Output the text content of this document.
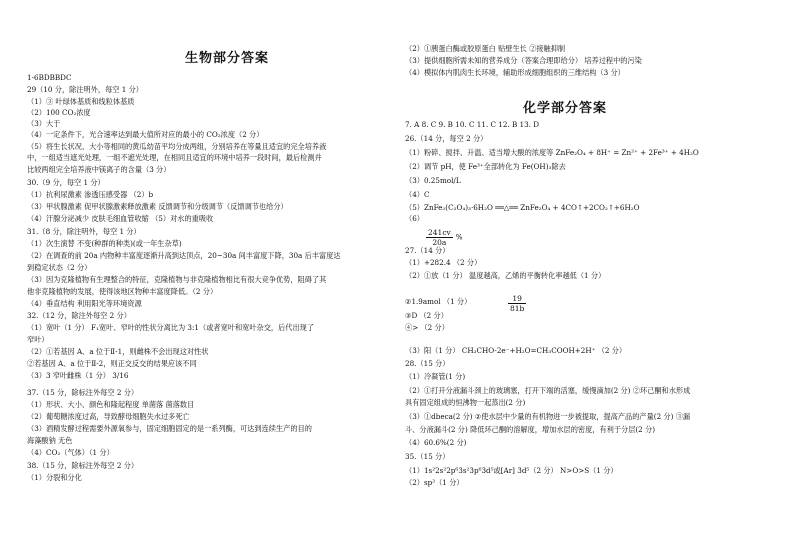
生物部分答案
1-6BDBBDC
29（10 分，除注明外，每空 1 分）
（1）③ 叶绿体基质和线粒体基质
（2）100 CO₂浓度
（3）大于
（4）一定条件下，光合速率达到最大值所对应的最小的 CO₂浓度（2 分）
（5）将生长状况、大小等相同的黄瓜幼苗平均分成两组，分别培养在等量且适宜的完全培养液
中，一组适当遮光处理，一组不遮光处理，在相同且适宜的环境中培养一段时间，最后检测并
比较两组完全培养液中镁离子的含量（3 分）
30.（9 分，每空 1 分）
（1）抗利尿激素 渗透压感受器 （2）b
（3）甲状腺激素 促甲状腺激素释放激素 反馈调节和分级调节（反馈调节也给分）
（4）汗腺分泌减少 皮肤毛细血管收缩 （5）对水的重吸收
31.（8 分，除注明外，每空 1 分）
（1）次生演替 不变(种群的种类)(或一年生杂草)
（2）在调查的前 20a 内物种丰富度逐渐升高到达顶点，20~30a 间丰富度下降，30a 后丰富度达
到稳定状态（2 分）
（3）因为克隆植物有生理整合的特征，克隆植物与非克隆植物相比有很大竞争优势，阻碍了其
他非克隆植物的发展，使得该地区物种丰富度降低。（2 分）
（4）垂直结构 利用阳光等环境资源
32.（12 分，除注外每空 2 分）
（1）宽叶（1 分） F₁宽叶、窄叶的性状分离比为 3:1（或者宽叶和宽叶杂交，后代出现了
窄叶）
（2）①若基因 A、a 位于Ⅱ-1，则雌株不会出现这对性状
②若基因 A、a 位于Ⅱ-2，则正交反交的结果应该不同
（3）3 窄叶雌株（1 分） 3/16
37.（15 分，除标注外每空 2 分）
（1）形状、大小、颜色和隆起程度 单菌落 菌落数目
（2）葡萄糖浓度过高，导致酵母细胞失水过多死亡
（3）酒精发酵过程需要外源氧参与，固定细胞固定的是一系列酶，可达到连续生产的目的
海藻酸钠 无色
（4）CO₂（气体）（1 分）
38.（15 分，除标注外每空 2 分）
（1）分裂和分化
（2）①胰蛋白酶或胶原蛋白 贴壁生长 ②接触抑制
（3）提供细胞所需未知的营养成分（答案合理即给分） 培养过程中的污染
（4）模拟体内肌肉生长环境，辅助形成细胞组织的三维结构（3 分）
化学部分答案
7. A 8. C 9. B 10. C 11. C 12. B 13. D
26.（14 分，每空 2 分）
（1）粉碎、搅拌、升温、适当增大酸的浓度等 ZnFe₂O₄ + 8H⁺ = Zn²⁺ + 2Fe³⁺ + 4H₂O
（2）调节 pH，使 Fe³⁺全部转化为 Fe(OH)₃除去
（3）0.25mol/L
（4）C
（5）ZnFe₂(C₂O₄)₃·6H₂O ══△══ ZnFe₂O₄ + 4CO↑+2CO₂↑+6H₂O
（6）
27.（14 分）
（1）+282.4 （2 分）
（2）①放（1 分） 温度越高，乙烯的平衡转化率越低（1 分）
②1.9amol （1 分）
③D （2 分）
④> （2 分）
（3）阳（1 分） CH₂CHO-2e⁻+H₂O=CH₃COOH+2H⁺ （2 分）
28.（15 分）
（1）冷凝管(1 分)
（2）①打开分液漏斗颈上的玻璃塞，打开下端的活塞，缓慢滴加(2 分) ②环己酮和水形成
具有固定组成的恒沸物一起蒸出(2 分)
（3）①dbeca(2 分) ②使水层中少量的有机物进一步被提取，提高产品的产量(2 分) ③漏
斗、分液漏斗(2 分) 降低环己酮的溶解度，增加水层的密度，有利于分层(2 分)
（4）60.6%(2 分)
35.（15 分）
（1）1s²2s²2p⁶3s²3p⁶3d⁵或[Ar] 3d⁵（2 分） N>O>S（1 分）
（2）sp²（1 分）
$\frac{241cv}{20a}$ %
$\frac{19}{81b}$
